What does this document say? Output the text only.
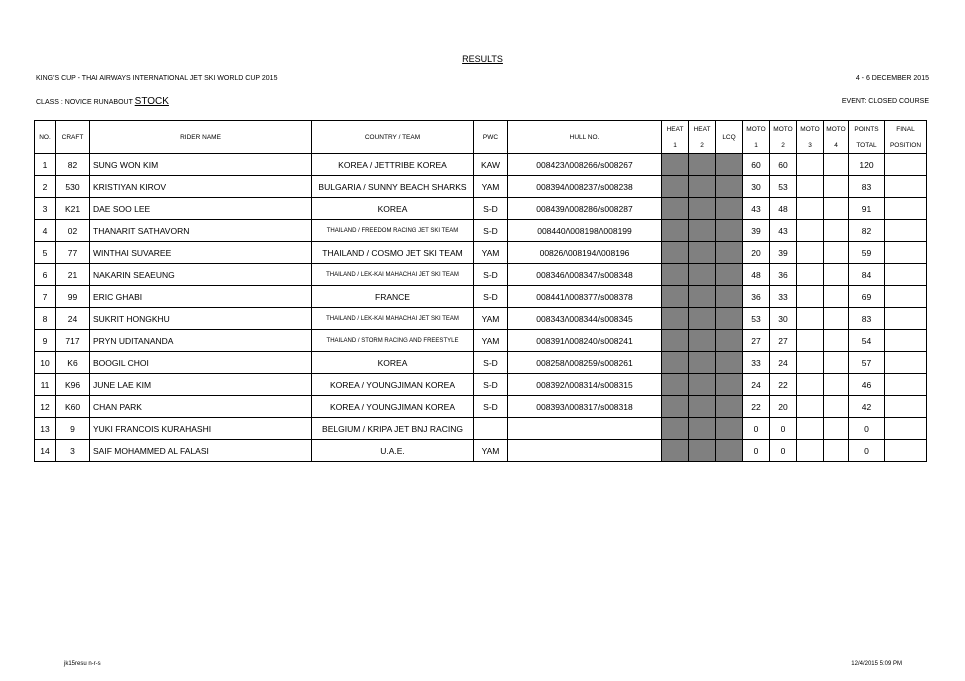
RESULTS
KING'S CUP - THAI AIRWAYS INTERNATIONAL JET SKI WORLD CUP 2015	4 - 6 DECEMBER 2015
CLASS : NOVICE RUNABOUT STOCK	EVENT: CLOSED COURSE
NO.	CRAFT	RIDER NAME	COUNTRY / TEAM	PWC	HULL NO.	HEAT	HEAT	LCQ	MOTO	MOTO	MOTO	MOTO	POINTS	FINAL
						1	2		1	2	3	4	TOTAL	POSITION
1	82	SUNG WON KIM	KOREA / JETTRIBE KOREA	KAW	008423/\008266/s008267				60	60			120	
2	530	KRISTIYAN KIROV	BULGARIA / SUNNY BEACH SHARKS	YAM	008394/\008237/s008238				30	53			83	
3	K21	DAE SOO LEE	KOREA	S-D	008439/\008286/s008287				43	48			91	
4	02	THANARIT SATHAVORN	THAILAND / FREEDOM RACING JET SKI TEAM	S-D	008440/\008198/\008199				39	43			82	
5	77	WINTHAI SUVAREE	THAILAND / COSMO JET SKI TEAM	YAM	00826/\008194/\008196				20	39			59	
6	21	NAKARIN SEAEUNG	THAILAND / LEK-KAI MAHACHAI JET SKI TEAM	S-D	008346/\008347/s008348				48	36			84	
7	99	ERIC GHABI	FRANCE	S-D	008441/\008377/s008378				36	33			69	
8	24	SUKRIT HONGKHU	THAILAND / LEK-KAI MAHACHAI JET SKI TEAM	YAM	008343/\008344/s008345				53	30			83	
9	717	PRYN UDITANANDA	THAILAND / STORM RACING AND FREESTYLE	YAM	008391/\008240/s008241				27	27			54	
10	K6	BOOGIL CHOI	KOREA	S-D	008258/\008259/s008261				33	24			57	
11	K96	JUNE LAE KIM	KOREA / YOUNGJIMAN KOREA	S-D	008392/\008314/s008315				24	22			46	
12	K60	CHAN PARK	KOREA / YOUNGJIMAN KOREA	S-D	008393/\008317/s008318				22	20			42	
13	9	YUKI FRANCOIS KURAHASHI	BELGIUM / KRIPA JET BNJ RACING						0	0			0	
14	3	SAIF MOHAMMED AL FALASI	U.A.E.	YAM					0	0			0	
jk15resu n-r-s	12/4/2015 5:09 PM
